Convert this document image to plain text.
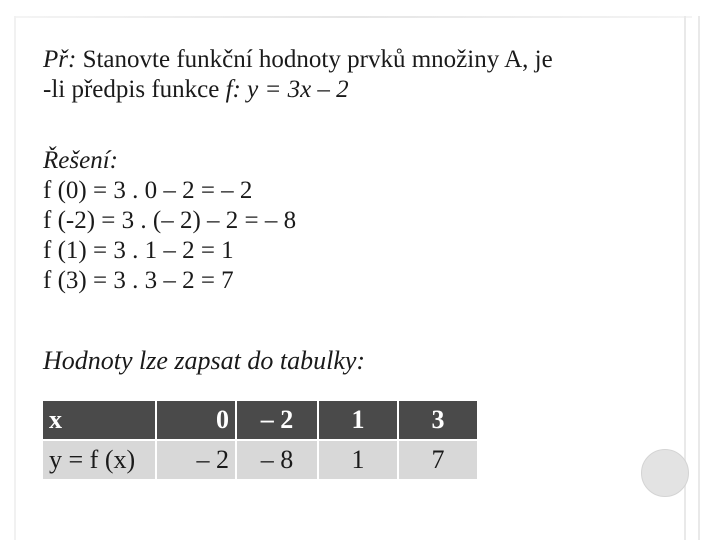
Př: Stanovte funkční hodnoty prvků množiny A, je
-li předpis funkce f: y = 3x – 2
Řešení:
f (0) = 3 . 0 – 2 = – 2
f (-2) = 3 . (– 2) – 2 = – 8
f (1) = 3 . 1 – 2 = 1
f (3) = 3 . 3 – 2 = 7
Hodnoty lze zapsat do tabulky:
x	0	– 2	1	3
y = f (x)	– 2	– 8	1	7
